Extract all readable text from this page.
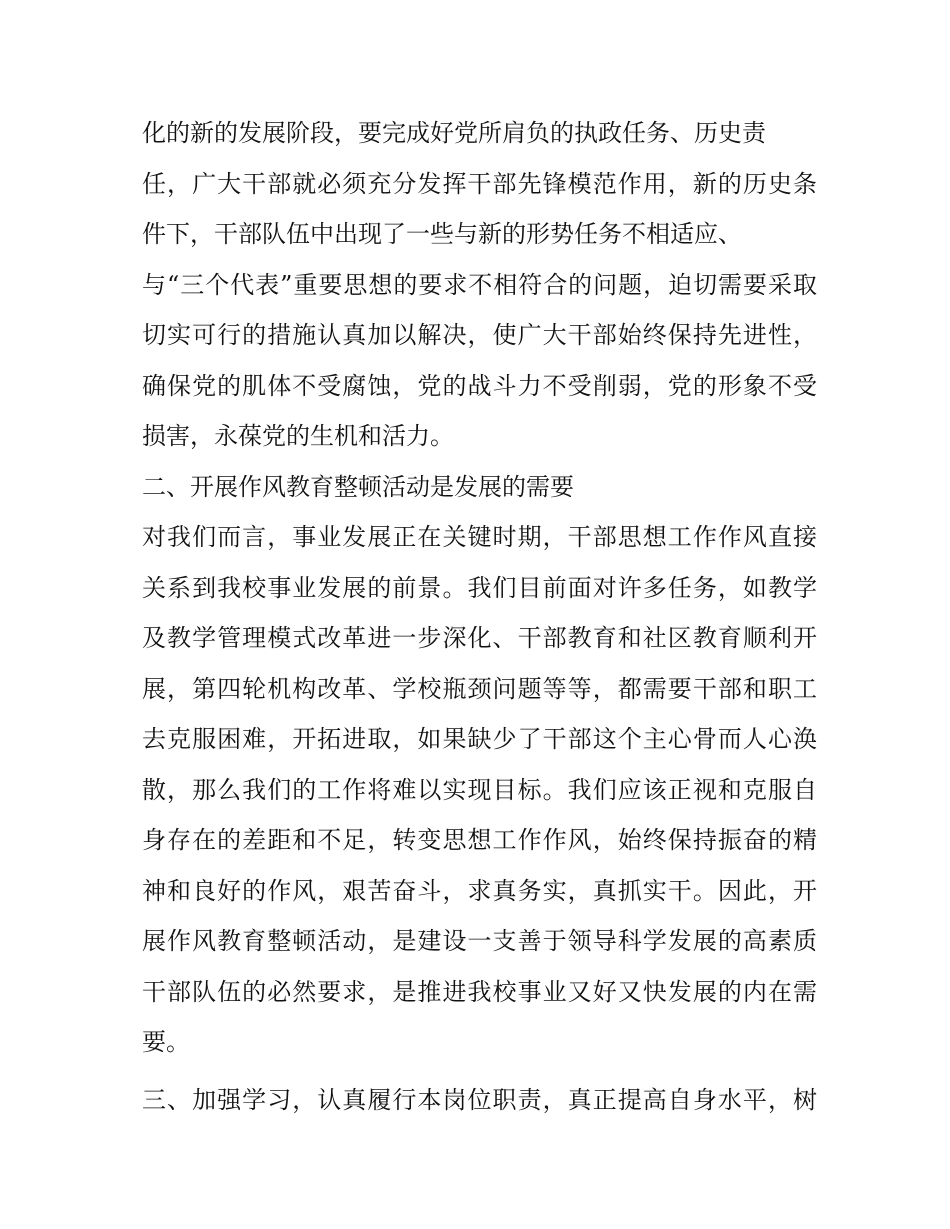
化的新的发展阶段，要完成好党所肩负的执政任务、历史责
任，广大干部就必须充分发挥干部先锋模范作用，新的历史条
件下，干部队伍中出现了一些与新的形势任务不相适应、
与“三个代表”重要思想的要求不相符合的问题，迫切需要采取
切实可行的措施认真加以解决，使广大干部始终保持先进性，
确保党的肌体不受腐蚀，党的战斗力不受削弱，党的形象不受
损害，永葆党的生机和活力。
二、开展作风教育整顿活动是发展的需要
对我们而言，事业发展正在关键时期，干部思想工作作风直接
关系到我校事业发展的前景。我们目前面对许多任务，如教学
及教学管理模式改革进一步深化、干部教育和社区教育顺利开
展，第四轮机构改革、学校瓶颈问题等等，都需要干部和职工
去克服困难，开拓进取，如果缺少了干部这个主心骨而人心涣
散，那么我们的工作将难以实现目标。我们应该正视和克服自
身存在的差距和不足，转变思想工作作风，始终保持振奋的精
神和良好的作风，艰苦奋斗，求真务实，真抓实干。因此，开
展作风教育整顿活动，是建设一支善于领导科学发展的高素质
干部队伍的必然要求，是推进我校事业又好又快发展的内在需
要。
三、加强学习，认真履行本岗位职责，真正提高自身水平，树
